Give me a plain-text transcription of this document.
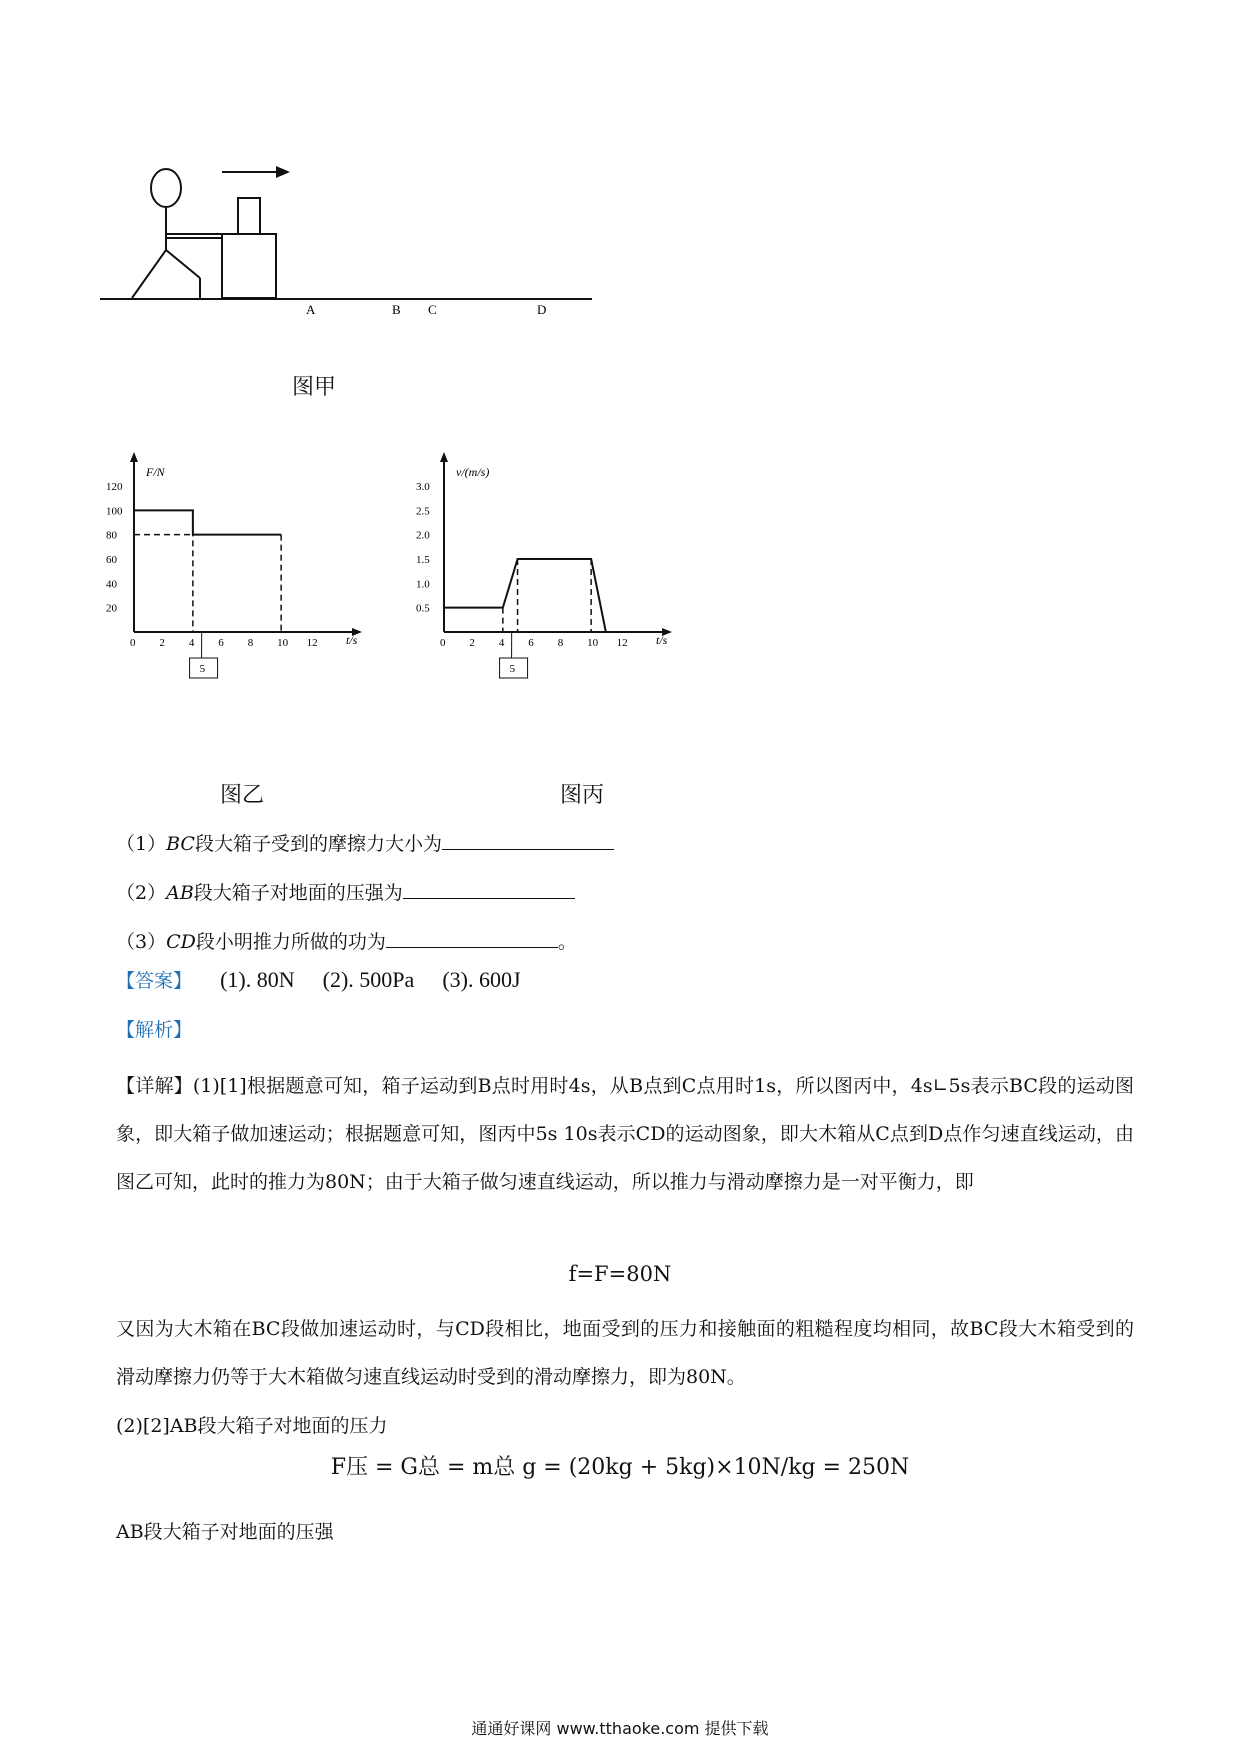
A	B C	D
图甲
F/N
t/s
120
100
80
60
40
20
0 2 4 6 8 10 12
5
图乙
v/(m/s)
t/s
3.0
2.5
2.0
1.5
1.0
0.5
0 2 4 6 8 10 12
5
图丙
（1）BC段大箱子受到的摩擦力大小为
（2）AB段大箱子对地面的压强为
（3）CD段小明推力所做的功为	。
【答案】 (1). 80N (2). 500Pa (3). 600J
【解析】
【详解】(1)[1]根据题意可知，箱子运动到B点时用时4s，从B点到C点用时1s，所以图丙中，4s∟5s表示BC段的运动图象，即大箱子做加速运动；根据题意可知，图丙中5s 10s表示CD的运动图象，即大木箱从C点到D点作匀速直线运动，由图乙可知，此时的推力为80N；由于大箱子做匀速直线运动，所以推力与滑动摩擦力是一对平衡力，即
f=F=80N
又因为大木箱在BC段做加速运动时，与CD段相比，地面受到的压力和接触面的粗糙程度均相同，故BC段大木箱受到的滑动摩擦力仍等于大木箱做匀速直线运动时受到的滑动摩擦力，即为80N。
(2)[2]AB段大箱子对地面的压力
F压 = G总 = m总 g = (20kg + 5kg)×10N/kg = 250N
AB段大箱子对地面的压强
通通好课网 www.tthaoke.com 提供下载
